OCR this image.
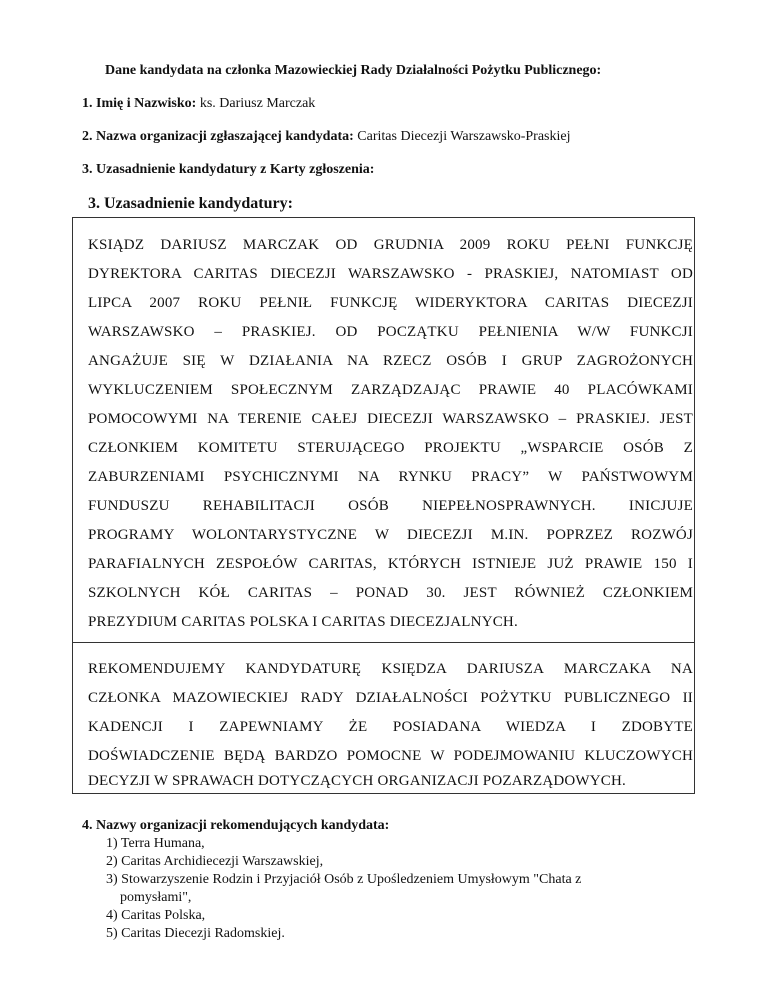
Dane kandydata na członka Mazowieckiej Rady Działalności Pożytku Publicznego:
1. Imię i Nazwisko: ks. Dariusz Marczak
2. Nazwa organizacji zgłaszającej kandydata: Caritas Diecezji Warszawsko-Praskiej
3. Uzasadnienie kandydatury z Karty zgłoszenia:
3. Uzasadnienie kandydatury:
KSIĄDZ DARIUSZ MARCZAK OD GRUDNIA 2009 ROKU PEŁNI FUNKCJĘ
DYREKTORA CARITAS DIECEZJI WARSZAWSKO - PRASKIEJ, NATOMIAST OD
LIPCA 2007 ROKU PEŁNIŁ FUNKCJĘ WIDERYKTORA CARITAS DIECEZJI
WARSZAWSKO – PRASKIEJ. OD POCZĄTKU PEŁNIENIA W/W FUNKCJI
ANGAŻUJE SIĘ W DZIAŁANIA NA RZECZ OSÓB I GRUP ZAGROŻONYCH
WYKLUCZENIEM SPOŁECZNYM ZARZĄDZAJĄC PRAWIE 40 PLACÓWKAMI
POMOCOWYMI NA TERENIE CAŁEJ DIECEZJI WARSZAWSKO – PRASKIEJ. JEST
CZŁONKIEM KOMITETU STERUJĄCEGO PROJEKTU „WSPARCIE OSÓB Z
ZABURZENIAMI PSYCHICZNYMI NA RYNKU PRACY” W PAŃSTWOWYM
FUNDUSZU REHABILITACJI OSÓB NIEPEŁNOSPRAWNYCH. INICJUJE
PROGRAMY WOLONTARYSTYCZNE W DIECEZJI M.IN. POPRZEZ ROZWÓJ
PARAFIALNYCH ZESPOŁÓW CARITAS, KTÓRYCH ISTNIEJE JUŻ PRAWIE 150 I
SZKOLNYCH KÓŁ CARITAS – PONAD 30. JEST RÓWNIEŻ CZŁONKIEM
PREZYDIUM CARITAS POLSKA I CARITAS DIECEZJALNYCH.
REKOMENDUJEMY KANDYDATURĘ KSIĘDZA DARIUSZA MARCZAKA NA
CZŁONKA MAZOWIECKIEJ RADY DZIAŁALNOŚCI POŻYTKU PUBLICZNEGO II
KADENCJI I ZAPEWNIAMY ŻE POSIADANA WIEDZA I ZDOBYTE
DOŚWIADCZENIE BĘDĄ BARDZO POMOCNE W PODEJMOWANIU KLUCZOWYCH
DECYZJI W SPRAWACH DOTYCZĄCYCH ORGANIZACJI POZARZĄDOWYCH.
4. Nazwy organizacji rekomendujących kandydata:
1) Terra Humana,
2) Caritas Archidiecezji Warszawskiej,
3) Stowarzyszenie Rodzin i Przyjaciół Osób z Upośledzeniem Umysłowym "Chata z
pomysłami",
4) Caritas Polska,
5) Caritas Diecezji Radomskiej.
